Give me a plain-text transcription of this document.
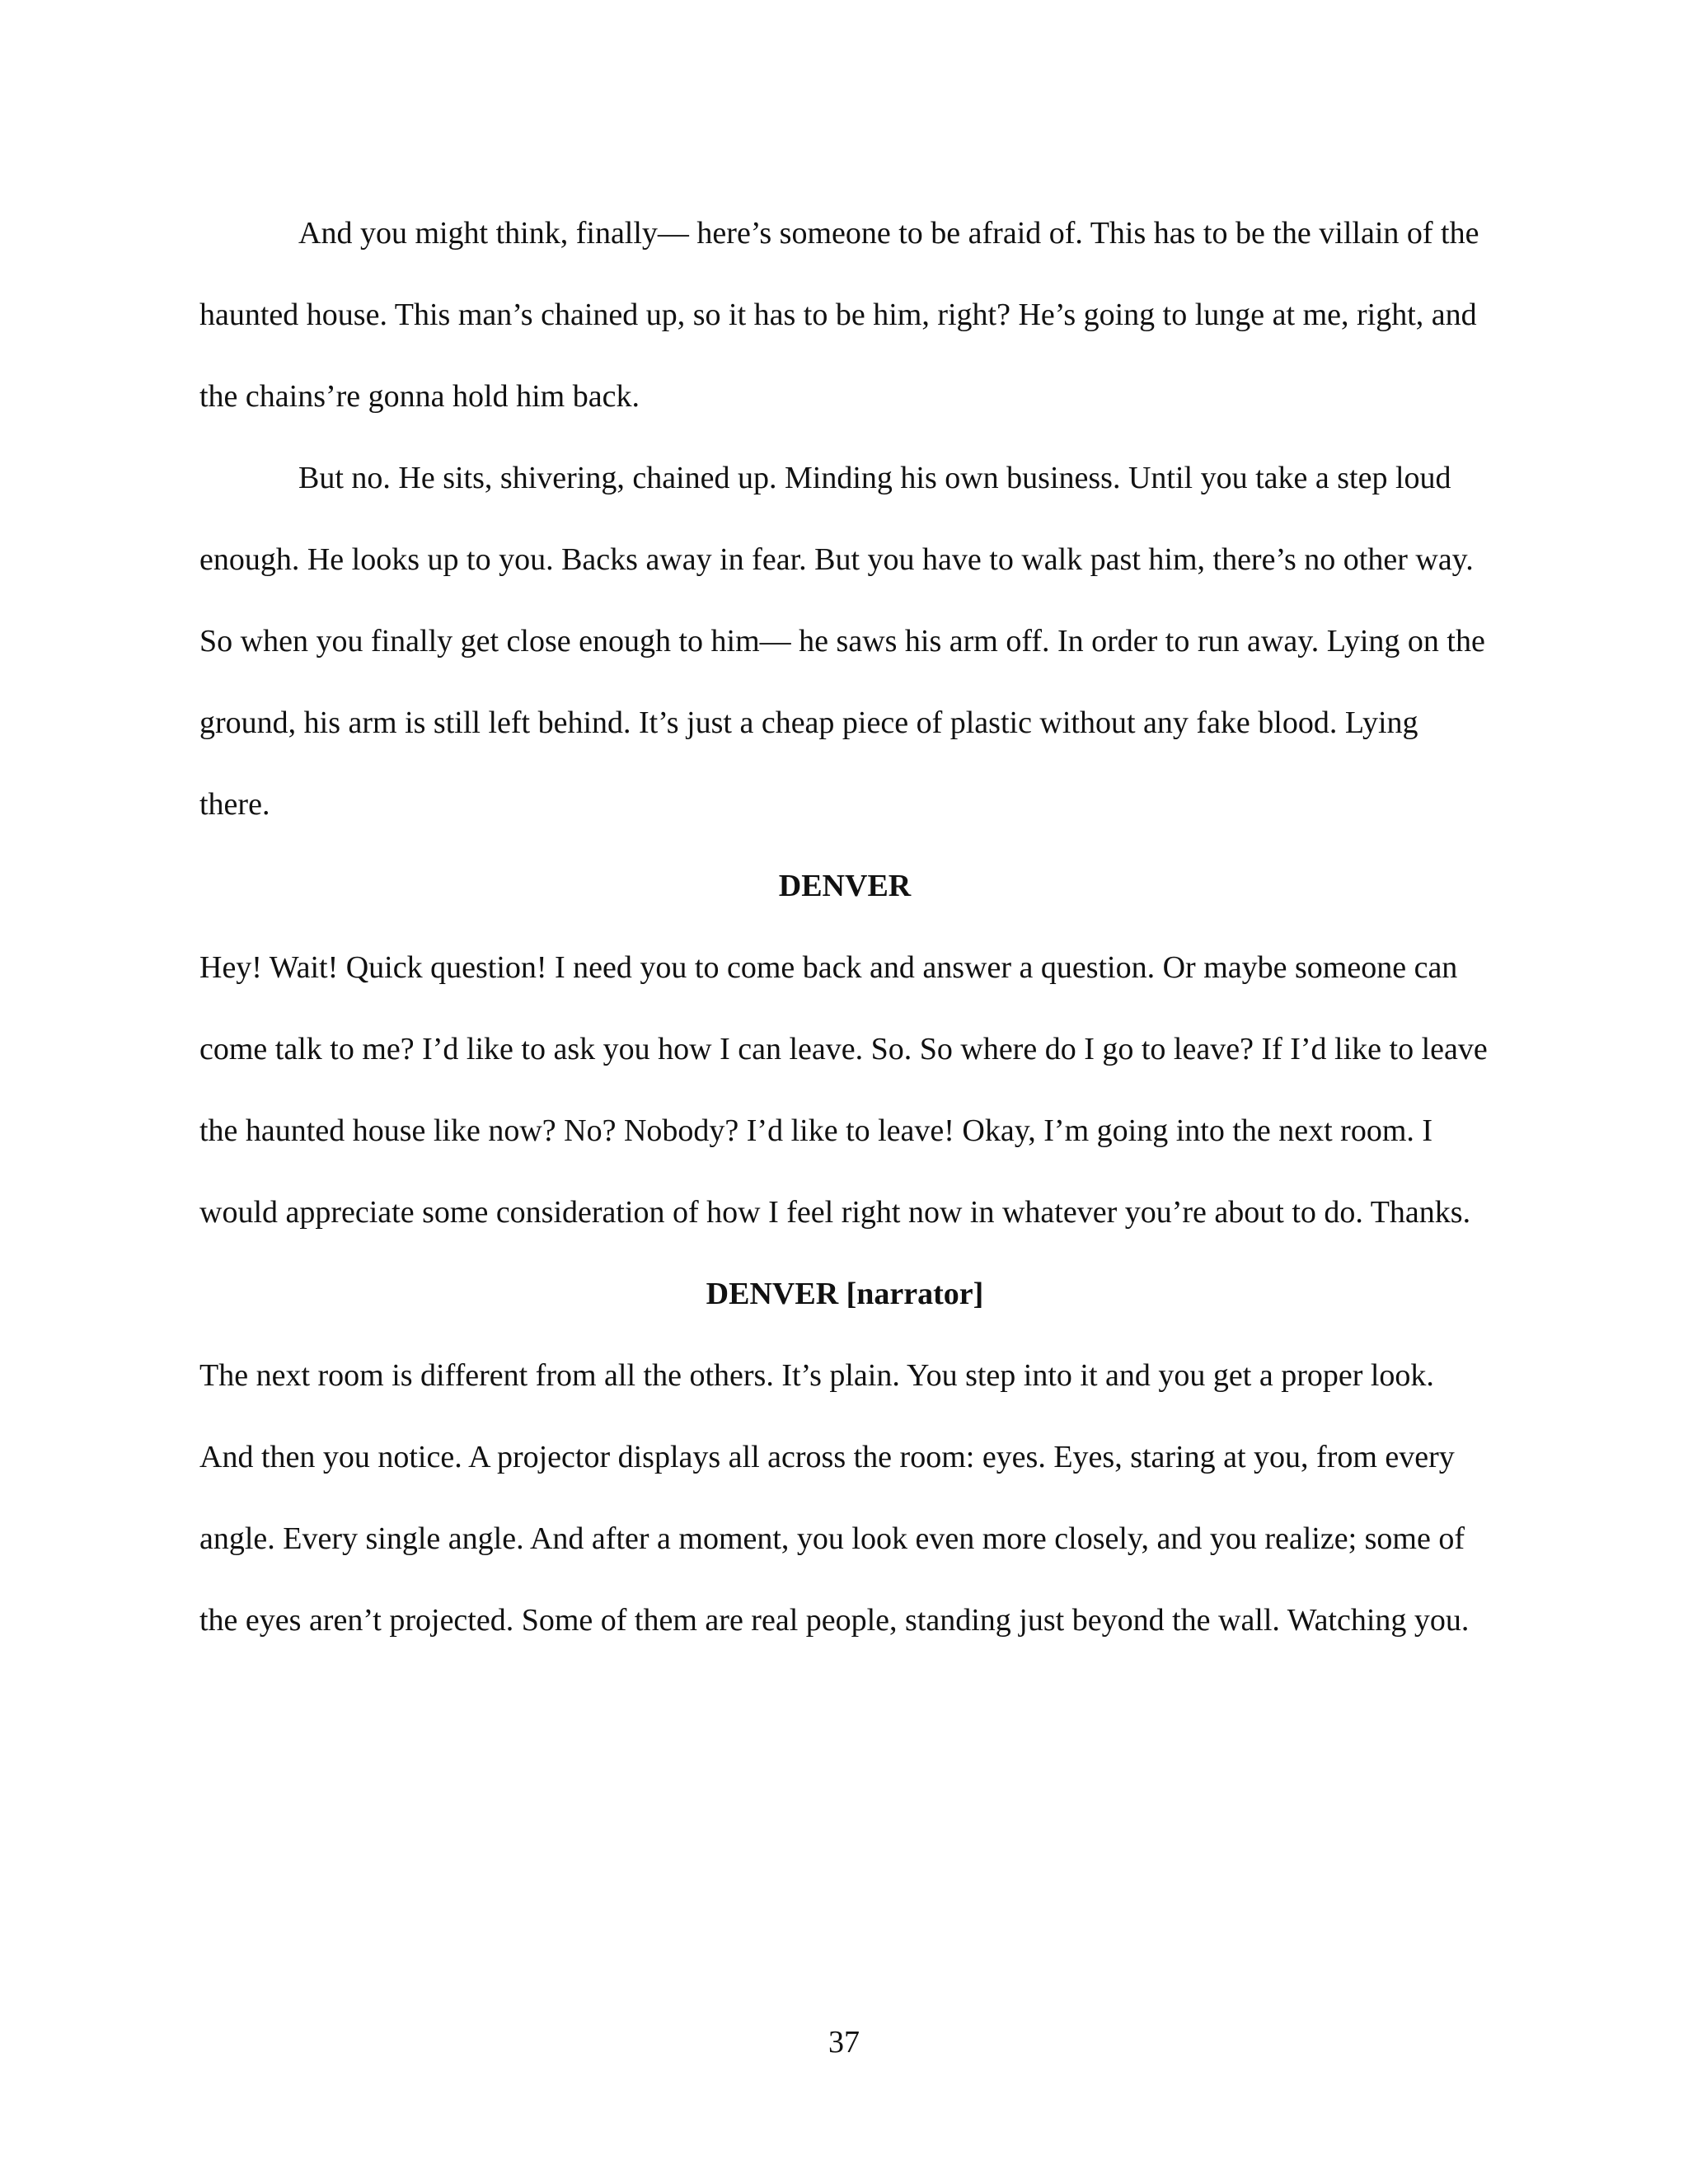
And you might think, finally— here’s someone to be afraid of. This has to be the villain of the haunted house. This man’s chained up, so it has to be him, right? He’s going to lunge at me, right, and the chains’re gonna hold him back.

But no. He sits, shivering, chained up. Minding his own business. Until you take a step loud enough. He looks up to you. Backs away in fear. But you have to walk past him, there’s no other way. So when you finally get close enough to him— he saws his arm off. In order to run away. Lying on the ground, his arm is still left behind. It’s just a cheap piece of plastic without any fake blood. Lying there.

DENVER

Hey! Wait! Quick question! I need you to come back and answer a question. Or maybe someone can come talk to me? I’d like to ask you how I can leave. So. So where do I go to leave? If I’d like to leave the haunted house like now? No? Nobody? I’d like to leave! Okay, I’m going into the next room. I would appreciate some consideration of how I feel right now in whatever you’re about to do. Thanks.

DENVER [narrator]

The next room is different from all the others. It’s plain. You step into it and you get a proper look. And then you notice. A projector displays all across the room: eyes. Eyes, staring at you, from every angle. Every single angle. And after a moment, you look even more closely, and you realize; some of the eyes aren’t projected. Some of them are real people, standing just beyond the wall. Watching you.

37
